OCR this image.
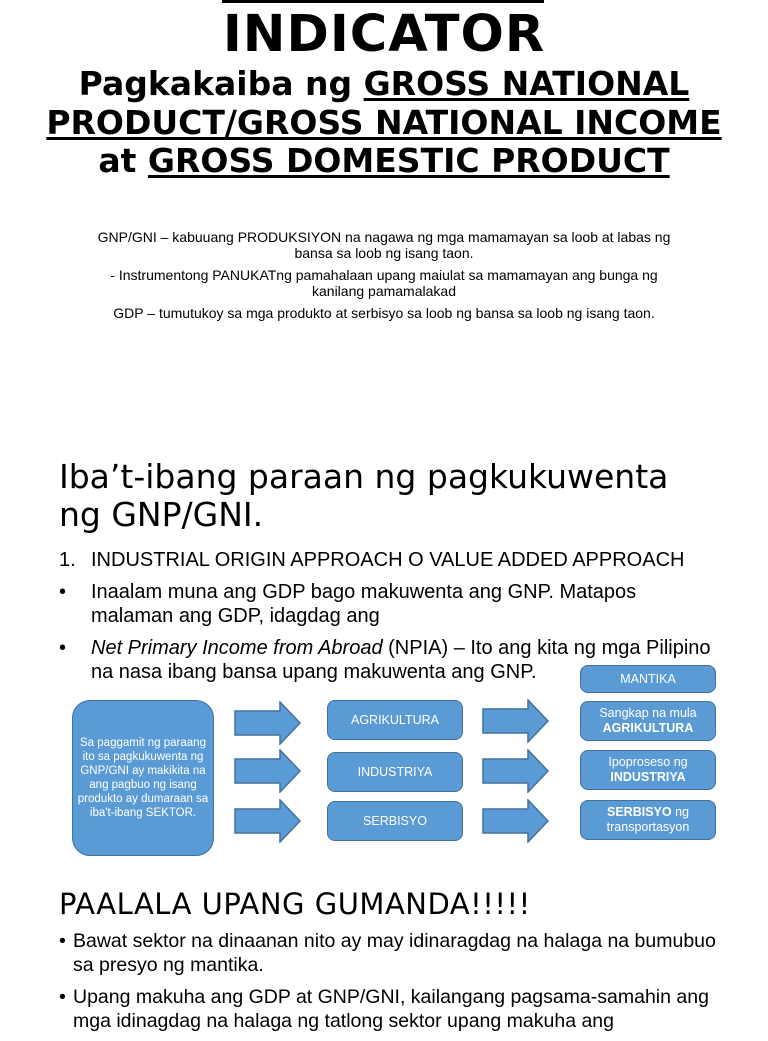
INDICATOR
Pagkakaiba ng GROSS NATIONAL PRODUCT/GROSS NATIONAL INCOME at GROSS DOMESTIC PRODUCT

GNP/GNI – kabuuang PRODUKSIYON na nagawa ng mga mamamayan sa loob at labas ng bansa sa loob ng isang taon.

- Instrumentong PANUKATng pamahalaan upang maiulat sa mamamayan ang bunga ng kanilang pamamalakad

GDP – tumutukoy sa mga produkto at serbisyo sa loob ng bansa sa loob ng isang taon.

Iba’t-ibang paraan ng pagkukuwenta ng GNP/GNI.
1. INDUSTRIAL ORIGIN APPROACH O VALUE ADDED APPROACH
• Inaalam muna ang GDP bago makuwenta ang GNP. Matapos malaman ang GDP, idagdag ang
• Net Primary Income from Abroad (NPIA) – Ito ang kita ng mga Pilipino na nasa ibang bansa upang makuwenta ang GNP.
Sa paggamit ng paraang ito sa pagkukuwenta ng GNP/GNI ay makikita na ang pagbuo ng isang produkto ay dumaraan sa iba't-ibang SEKTOR.
AGRIKULTURA
INDUSTRIYA
SERBISYO
MANTIKA
Sangkap na mula
AGRIKULTURA
Ipoproseso ng
INDUSTRIYA
SERBISYO ng transportasyon
PAALALA UPANG GUMANDA!!!!!
• Bawat sektor na dinaanan nito ay may idinaragdag na halaga na bumubuo sa presyo ng mantika.
• Upang makuha ang GDP at GNP/GNI, kailangang pagsama-samahin ang mga idinagdag na halaga ng tatlong sektor upang makuha ang
